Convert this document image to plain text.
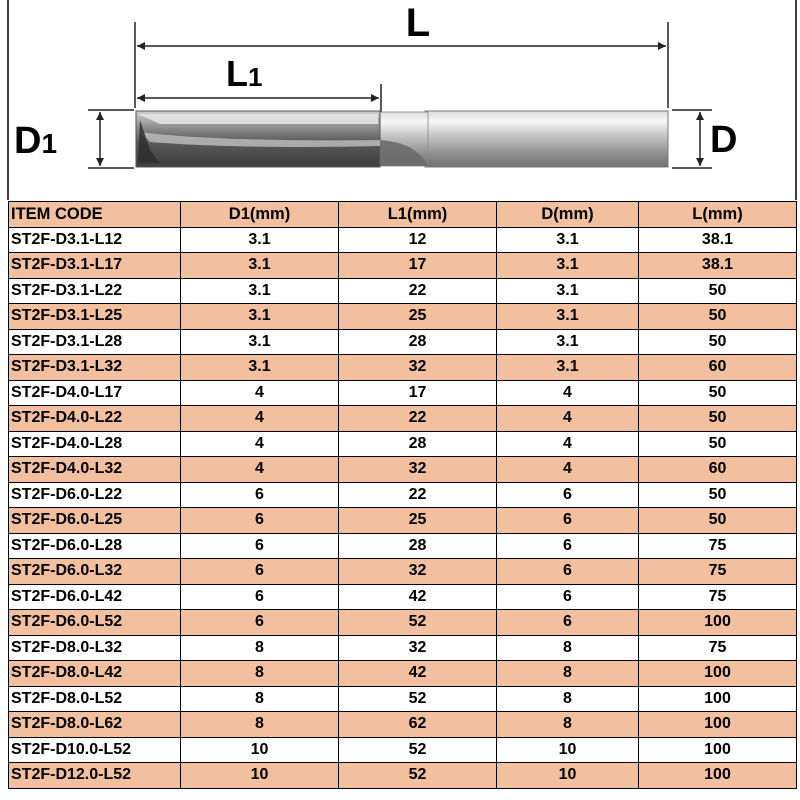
L
L1
D1	D
ITEM CODE	D1(mm)	L1(mm)	D(mm)	L(mm)
ST2F-D3.1-L12	3.1	12	3.1	38.1
ST2F-D3.1-L17	3.1	17	3.1	38.1
ST2F-D3.1-L22	3.1	22	3.1	50
ST2F-D3.1-L25	3.1	25	3.1	50
ST2F-D3.1-L28	3.1	28	3.1	50
ST2F-D3.1-L32	3.1	32	3.1	60
ST2F-D4.0-L17	4	17	4	50
ST2F-D4.0-L22	4	22	4	50
ST2F-D4.0-L28	4	28	4	50
ST2F-D4.0-L32	4	32	4	60
ST2F-D6.0-L22	6	22	6	50
ST2F-D6.0-L25	6	25	6	50
ST2F-D6.0-L28	6	28	6	75
ST2F-D6.0-L32	6	32	6	75
ST2F-D6.0-L42	6	42	6	75
ST2F-D6.0-L52	6	52	6	100
ST2F-D8.0-L32	8	32	8	75
ST2F-D8.0-L42	8	42	8	100
ST2F-D8.0-L52	8	52	8	100
ST2F-D8.0-L62	8	62	8	100
ST2F-D10.0-L52	10	52	10	100
ST2F-D12.0-L52	10	52	10	100
